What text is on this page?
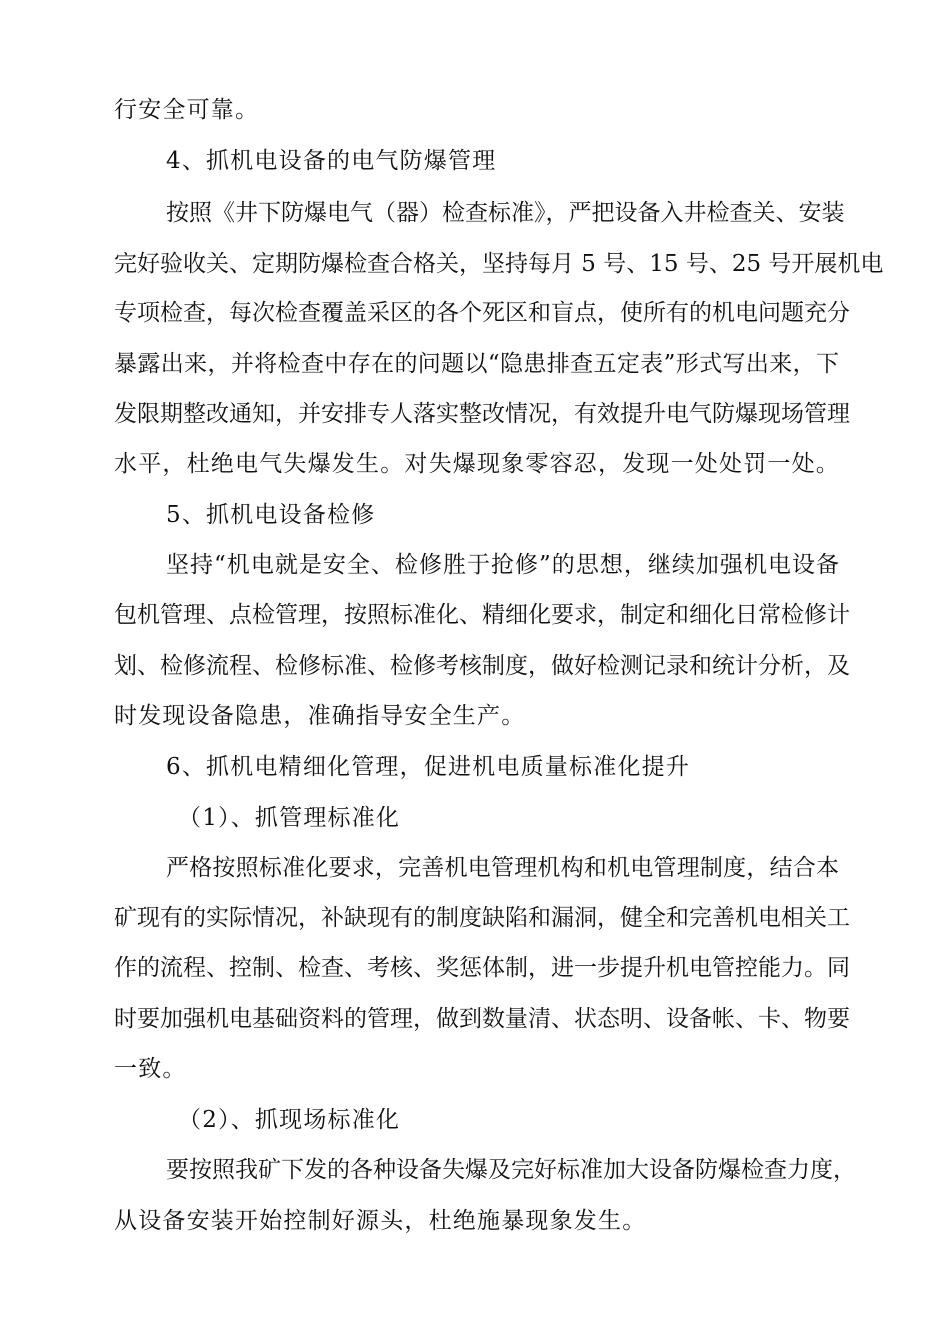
行安全可靠。
4、抓机电设备的电气防爆管理
按照《井下防爆电气（器）检查标准》，严把设备入井检查关、安装
完好验收关、定期防爆检查合格关，坚持每月 5 号、15 号、25 号开展机电
专项检查，每次检查覆盖采区的各个死区和盲点，使所有的机电问题充分
暴露出来，并将检查中存在的问题以“隐患排查五定表”形式写出来，下
发限期整改通知，并安排专人落实整改情况，有效提升电气防爆现场管理
水平，杜绝电气失爆发生。对失爆现象零容忍，发现一处处罚一处。
5、抓机电设备检修
坚持“机电就是安全、检修胜于抢修”的思想，继续加强机电设备
包机管理、点检管理，按照标准化、精细化要求，制定和细化日常检修计
划、检修流程、检修标准、检修考核制度，做好检测记录和统计分析，及
时发现设备隐患，准确指导安全生产。
6、抓机电精细化管理，促进机电质量标准化提升
（1）、抓管理标准化
严格按照标准化要求，完善机电管理机构和机电管理制度，结合本
矿现有的实际情况，补缺现有的制度缺陷和漏洞，健全和完善机电相关工
作的流程、控制、检查、考核、奖惩体制，进一步提升机电管控能力。同
时要加强机电基础资料的管理，做到数量清、状态明、设备帐、卡、物要
一致。
（2）、抓现场标准化
要按照我矿下发的各种设备失爆及完好标准加大设备防爆检查力度，
从设备安装开始控制好源头，杜绝施暴现象发生。
